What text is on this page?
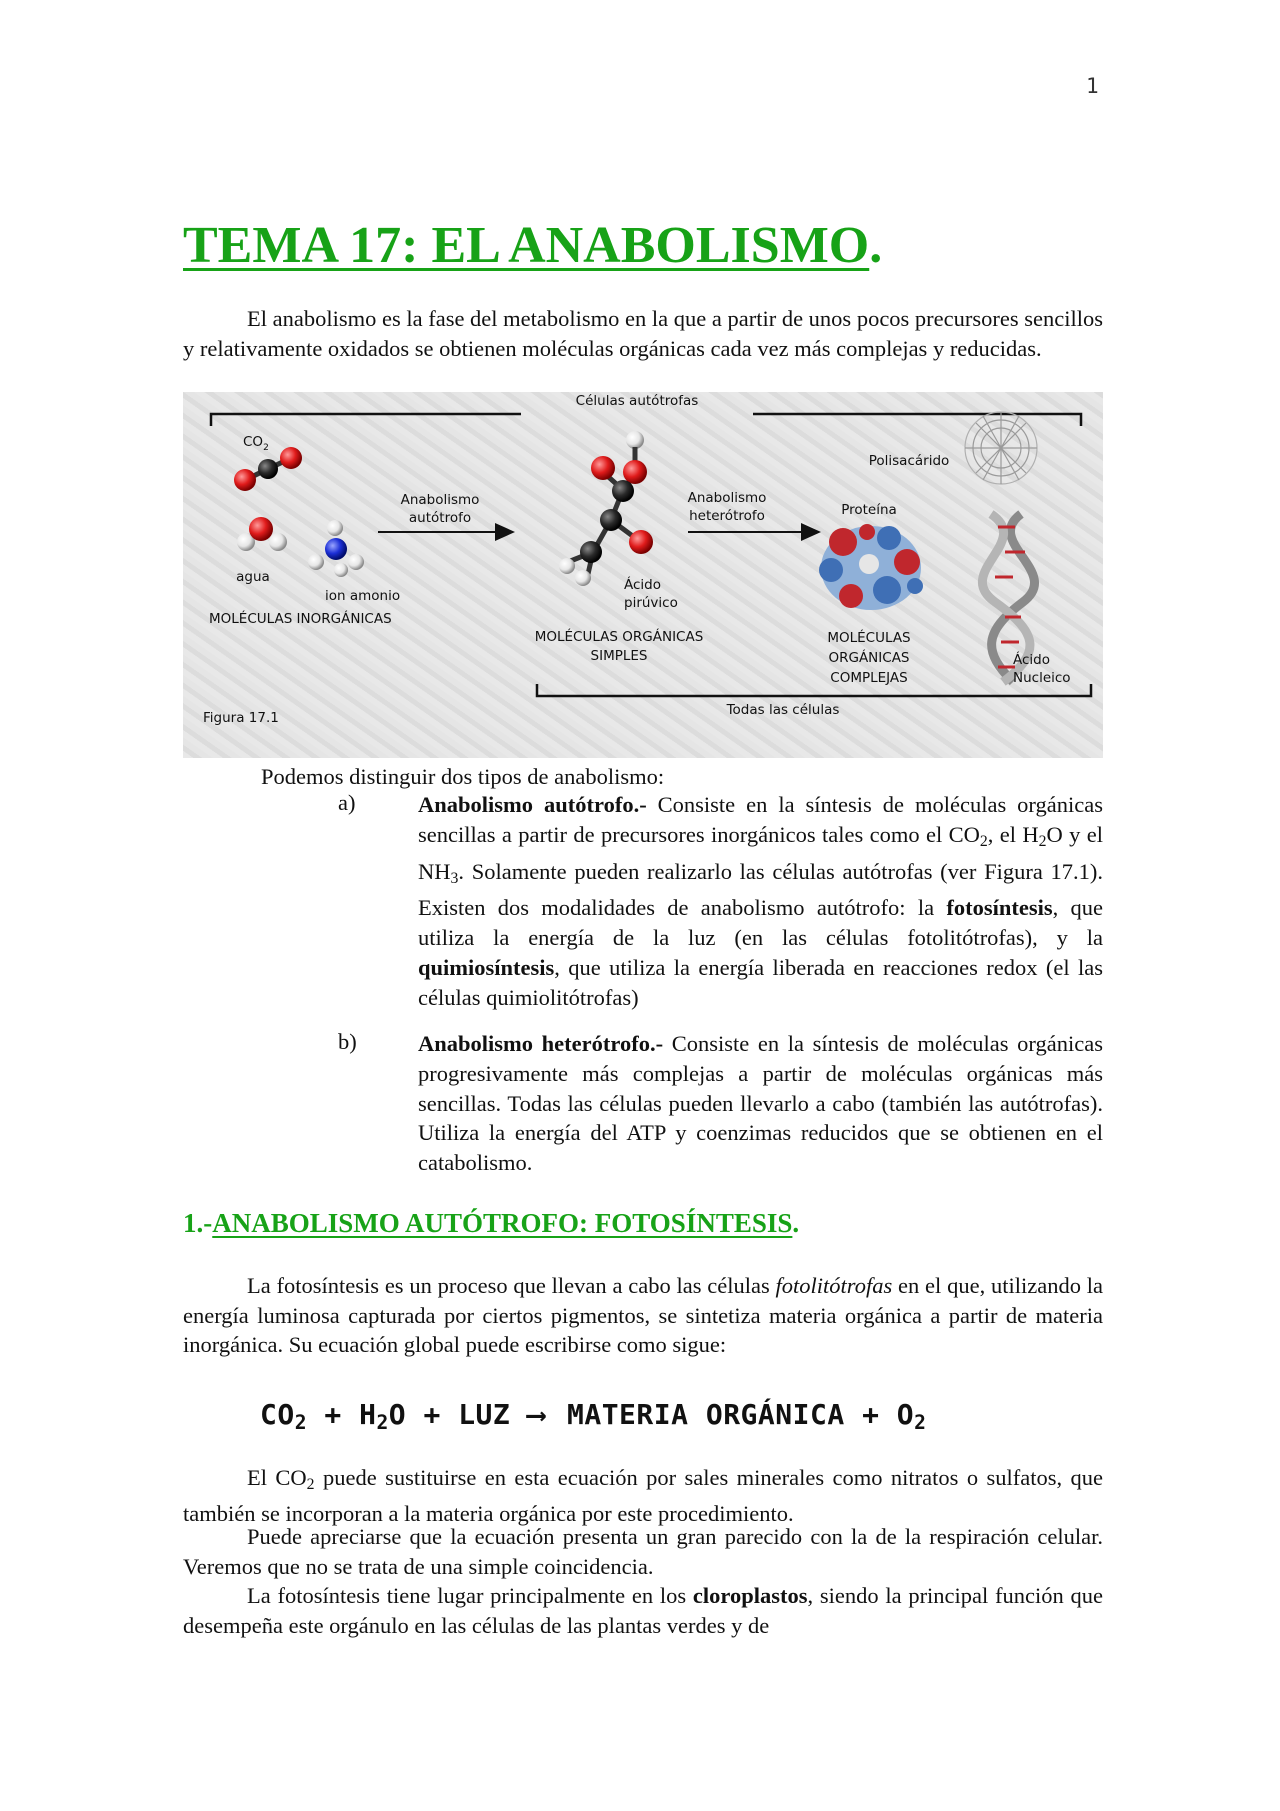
1
TEMA 17: EL ANABOLISMO.

El anabolismo es la fase del metabolismo en la que a partir de unos pocos precursores sencillos y relativamente oxidados se obtienen moléculas orgánicas cada vez más complejas y reducidas.

Células autótrofas
$CO_2$
agua
ion amonio
MOLÉCULAS INORGÁNICAS
Anabolismo
autótrofo
Ácido
pirúvico
MOLÉCULAS ORGÁNICAS
SIMPLES
Anabolismo
heterótrofo
Polisacárido
Proteína
MOLÉCULAS
ORGÁNICAS
COMPLEJAS
Ácido
Nucleico
Todas las células
Figura 17.1

Podemos distinguir dos tipos de anabolismo:

a)	Anabolismo autótrofo.- Consiste en la síntesis de moléculas orgánicas sencillas a partir de precursores inorgánicos tales como el $CO_2$, el $H_2O$ y el $NH_3$. Solamente pueden realizarlo las células autótrofas (ver Figura 17.1). Existen dos modalidades de anabolismo autótrofo: la fotosíntesis, que utiliza la energía de la luz (en las células fotolitótrofas), y la quimiosíntesis, que utiliza la energía liberada en reacciones redox (el las células quimiolitótrofas)

b)	Anabolismo heterótrofo.- Consiste en la síntesis de moléculas orgánicas progresivamente más complejas a partir de moléculas orgánicas más sencillas. Todas las células pueden llevarlo a cabo (también las autótrofas). Utiliza la energía del ATP y coenzimas reducidos que se obtienen en el catabolismo.

1.-ANABOLISMO AUTÓTROFO: FOTOSÍNTESIS.

La fotosíntesis es un proceso que llevan a cabo las células fotolitótrofas en el que, utilizando la energía luminosa capturada por ciertos pigmentos, se sintetiza materia orgánica a partir de materia inorgánica. Su ecuación global puede escribirse como sigue:

$CO_2 + H_2O$ + LUZ ⟶ MATERIA ORGÁNICA + $O_2$

El $CO_2$ puede sustituirse en esta ecuación por sales minerales como nitratos o sulfatos, que también se incorporan a la materia orgánica por este procedimiento.

Puede apreciarse que la ecuación presenta un gran parecido con la de la respiración celular. Veremos que no se trata de una simple coincidencia.

La fotosíntesis tiene lugar principalmente en los cloroplastos, siendo la principal función que desempeña este orgánulo en las células de las plantas verdes y de
